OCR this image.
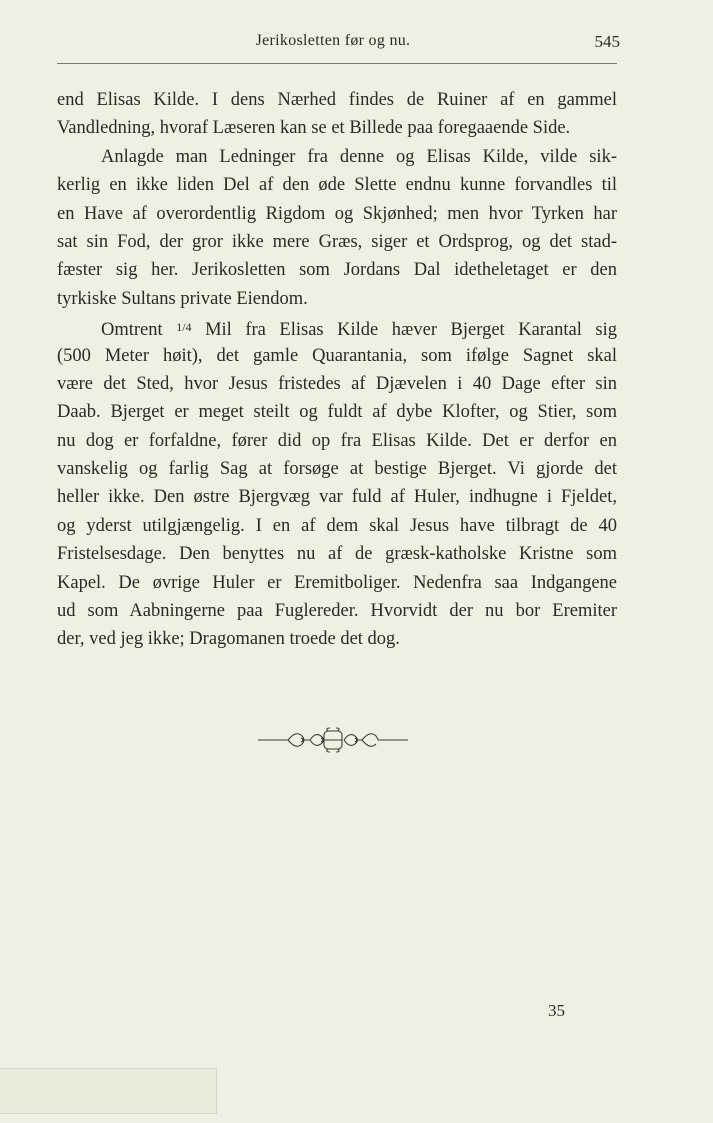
Jerikosletten før og nu.	545
end Elisas Kilde. I dens Nærhed findes de Ruiner af en gammel
Vandledning, hvoraf Læseren kan se et Billede paa foregaaende Side.
Anlagde man Ledninger fra denne og Elisas Kilde, vilde sik-
kerlig en ikke liden Del af den øde Slette endnu kunne forvandles til
en Have af overordentlig Rigdom og Skjønhed; men hvor Tyrken har
sat sin Fod, der gror ikke mere Græs, siger et Ordsprog, og det stad-
fæster sig her. Jerikosletten som Jordans Dal idetheletaget er den
tyrkiske Sultans private Eiendom.
Omtrent $^{1/4}$ Mil fra Elisas Kilde hæver Bjerget Karantal sig
(500 Meter høit), det gamle Quarantania, som ifølge Sagnet skal
være det Sted, hvor Jesus fristedes af Djævelen i 40 Dage efter sin
Daab. Bjerget er meget steilt og fuldt af dybe Klofter, og Stier, som
nu dog er forfaldne, fører did op fra Elisas Kilde. Det er derfor en
vanskelig og farlig Sag at forsøge at bestige Bjerget. Vi gjorde det
heller ikke. Den østre Bjergvæg var fuld af Huler, indhugne i Fjeldet,
og yderst utilgjængelig. I en af dem skal Jesus have tilbragt de 40
Fristelsesdage. Den benyttes nu af de græsk-katholske Kristne som
Kapel. De øvrige Huler er Eremitboliger. Nedenfra saa Indgangene
ud som Aabningerne paa Fuglereder. Hvorvidt der nu bor Eremiter
der, ved jeg ikke; Dragomanen troede det dog.
35
